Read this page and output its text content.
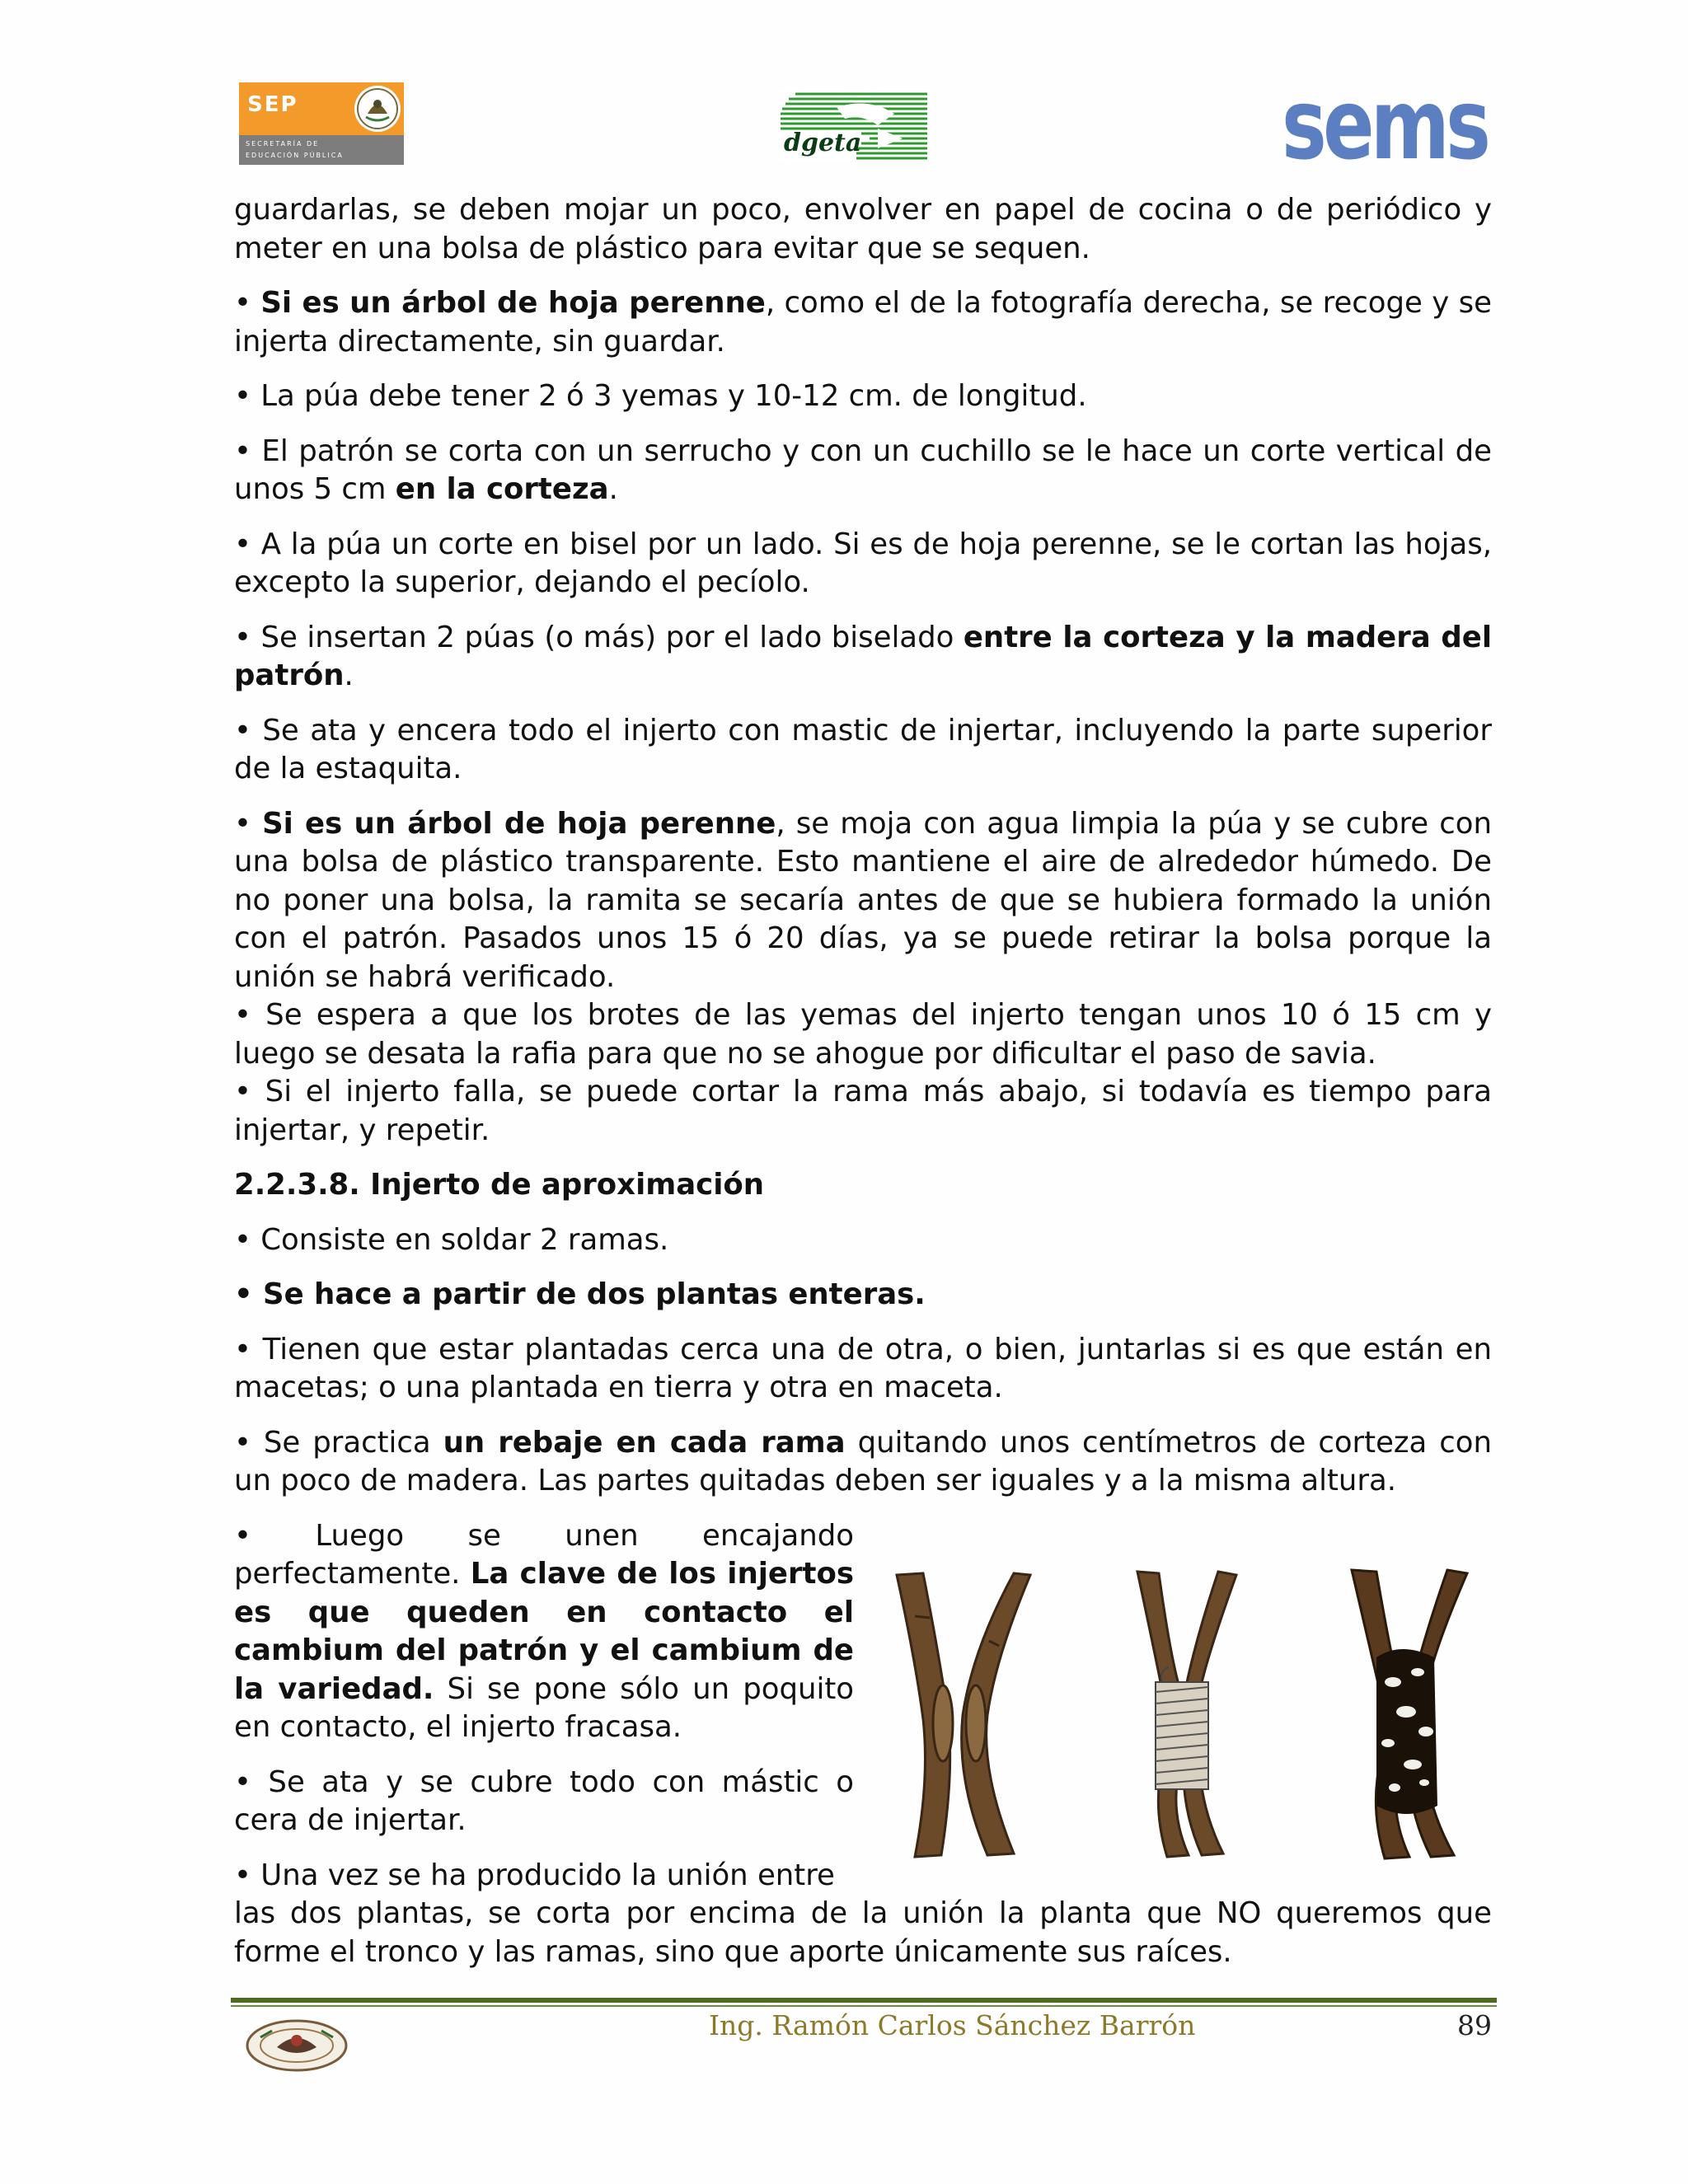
SEP
SECRETARÍA DE
EDUCACIÓN PÚBLICA	dgeta	sems

guardarlas, se deben mojar un poco, envolver en papel de cocina o de periódico y meter en una bolsa de plástico para evitar que se sequen.

• Si es un árbol de hoja perenne, como el de la fotografía derecha, se recoge y se injerta directamente, sin guardar.

• La púa debe tener 2 ó 3 yemas y 10-12 cm. de longitud.

• El patrón se corta con un serrucho y con un cuchillo se le hace un corte vertical de unos 5 cm en la corteza.

• A la púa un corte en bisel por un lado. Si es de hoja perenne, se le cortan las hojas, excepto la superior, dejando el pecíolo.

• Se insertan 2 púas (o más) por el lado biselado entre la corteza y la madera del patrón.

• Se ata y encera todo el injerto con mastic de injertar, incluyendo la parte superior de la estaquita.

• Si es un árbol de hoja perenne, se moja con agua limpia la púa y se cubre con una bolsa de plástico transparente. Esto mantiene el aire de alrededor húmedo. De no poner una bolsa, la ramita se secaría antes de que se hubiera formado la unión con el patrón. Pasados unos 15 ó 20 días, ya se puede retirar la bolsa porque la unión se habrá verificado.

• Se espera a que los brotes de las yemas del injerto tengan unos 10 ó 15 cm y luego se desata la rafia para que no se ahogue por dificultar el paso de savia.

• Si el injerto falla, se puede cortar la rama más abajo, si todavía es tiempo para injertar, y repetir.

2.2.3.8. Injerto de aproximación

• Consiste en soldar 2 ramas.

• Se hace a partir de dos plantas enteras.

• Tienen que estar plantadas cerca una de otra, o bien, juntarlas si es que están en macetas; o una plantada en tierra y otra en maceta.

• Se practica un rebaje en cada rama quitando unos centímetros de corteza con un poco de madera. Las partes quitadas deben ser iguales y a la misma altura.

• Luego se unen encajando perfectamente. La clave de los injertos es que queden en contacto el cambium del patrón y el cambium de la variedad. Si se pone sólo un poquito en contacto, el injerto fracasa.

• Se ata y se cubre todo con mástic o cera de injertar.

• Una vez se ha producido la unión entre

las dos plantas, se corta por encima de la unión la planta que NO queremos que forme el tronco y las ramas, sino que aporte únicamente sus raíces.

Ing. Ramón Carlos Sánchez Barrón	89
